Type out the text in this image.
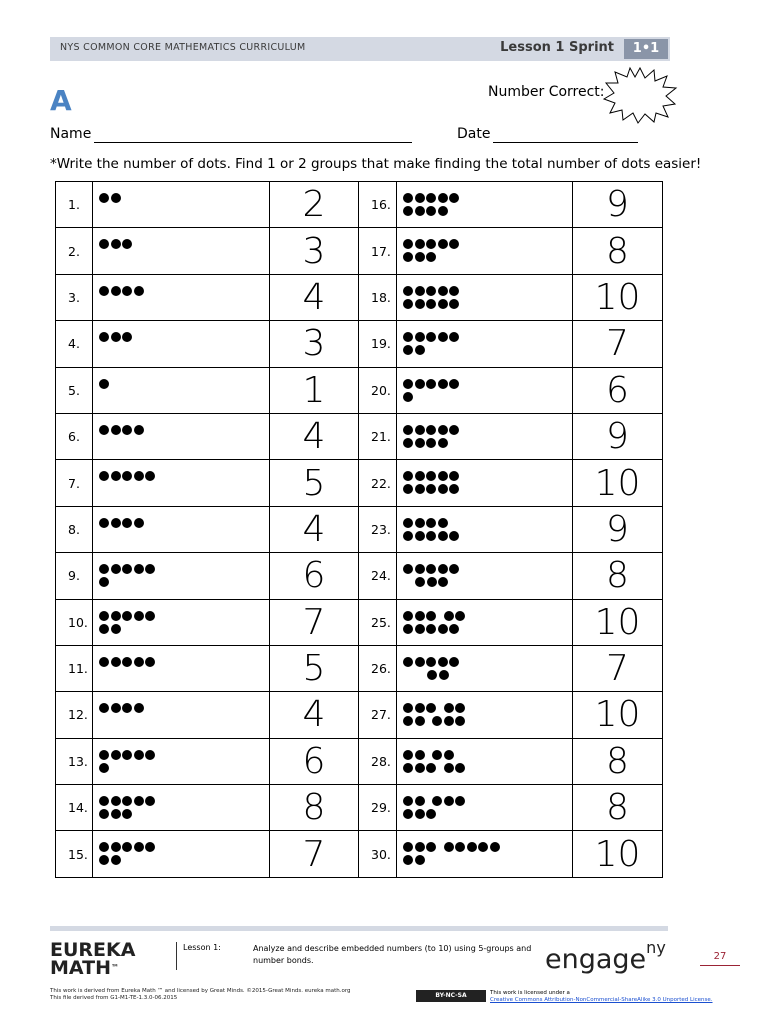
NYS COMMON CORE MATHEMATICS CURRICULUM	Lesson 1 Sprint	1•1
A	Number Correct:
Name	Date
*Write the number of dots. Find 1 or 2 groups that make finding the total number of dots easier!
1.		2	16.		9
2.		3	17.		8
3.		4	18.		10
4.		3	19.		7
5.		1	20.		6
6.		4	21.		9
7.		5	22.		10
8.		4	23.		9
9.		6	24.		8
10.		7	25.		10
11.		5	26.		7
12.		4	27.		10
13.		6	28.		8
14.		8	29.		8
15.		7	30.		10
EUREKA
MATH™
Lesson 1:	Analyze and describe embedded numbers (to 10) using 5-groups and number bonds.	engage$^{ny}$	27
This work is derived from Eureka Math ™ and licensed by Great Minds. ©2015-Great Minds. eureka math.org
This file derived from G1-M1-TE-1.3.0-06.2015	BY-NC-SA	This work is licensed under a
Creative Commons Attribution-NonCommercial-ShareAlike 3.0 Unported License.
